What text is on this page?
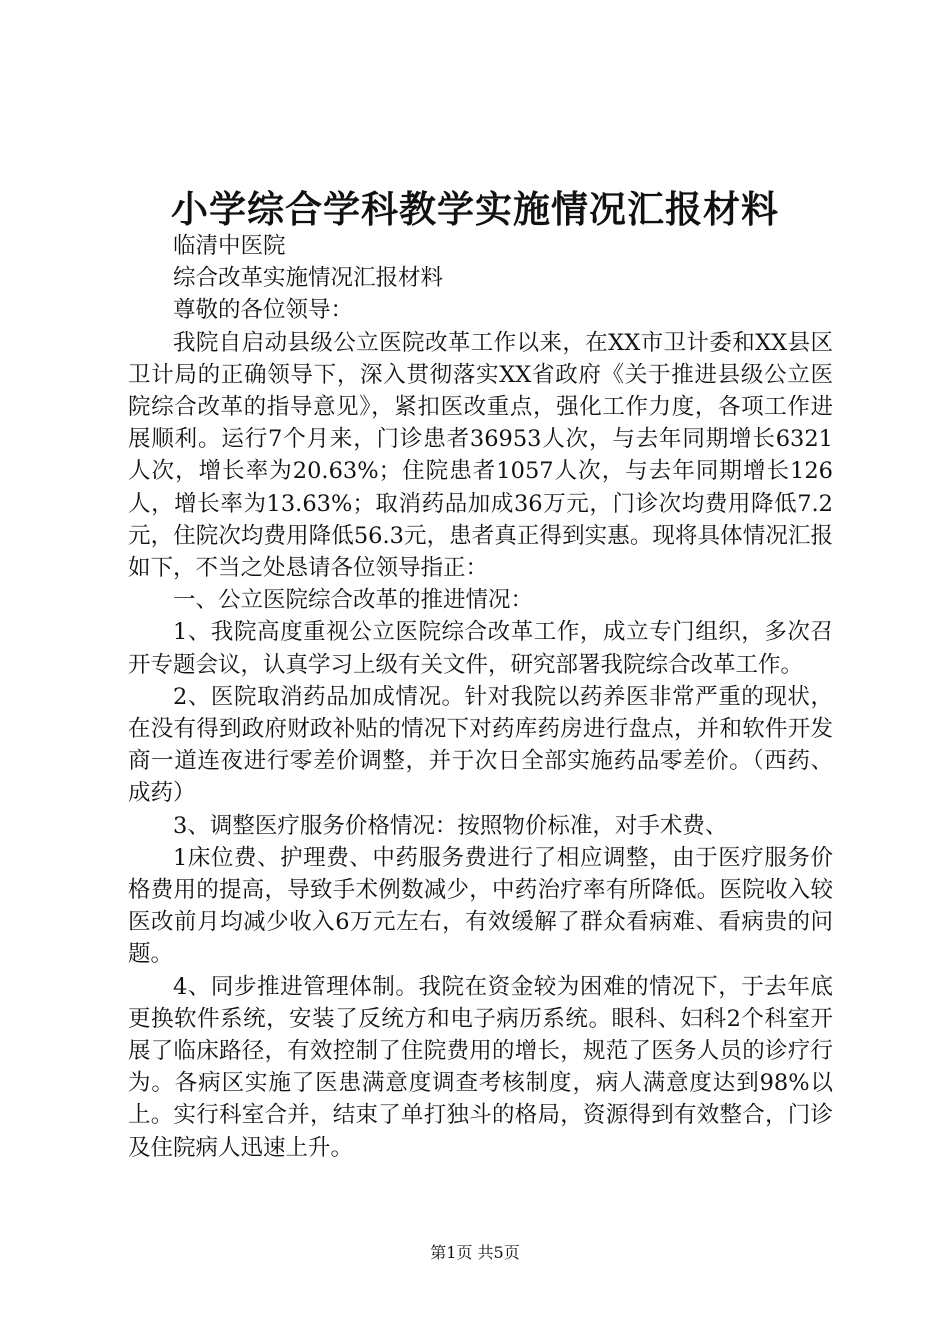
小学综合学科教学实施情况汇报材料

临清中医院

综合改革实施情况汇报材料

尊敬的各位领导：

我院自启动县级公立医院改革工作以来，在XX市卫计委和XX县区卫计局的正确领导下，深入贯彻落实XX省政府《关于推进县级公立医院综合改革的指导意见》，紧扣医改重点，强化工作力度，各项工作进展顺利。运行7个月来，门诊患者36953人次，与去年同期增长6321人次，增长率为20.63%；住院患者1057人次，与去年同期增长126人，增长率为13.63%；取消药品加成36万元，门诊次均费用降低7.2元，住院次均费用降低56.3元，患者真正得到实惠。现将具体情况汇报如下，不当之处恳请各位领导指正：

一、公立医院综合改革的推进情况：

1、我院高度重视公立医院综合改革工作，成立专门组织，多次召开专题会议，认真学习上级有关文件，研究部署我院综合改革工作。

2、医院取消药品加成情况。针对我院以药养医非常严重的现状，在没有得到政府财政补贴的情况下对药库药房进行盘点，并和软件开发商一道连夜进行零差价调整，并于次日全部实施药品零差价。（西药、成药）

3、调整医疗服务价格情况：按照物价标准，对手术费、

1床位费、护理费、中药服务费进行了相应调整，由于医疗服务价格费用的提高，导致手术例数减少，中药治疗率有所降低。医院收入较医改前月均减少收入6万元左右，有效缓解了群众看病难、看病贵的问题。

4、同步推进管理体制。我院在资金较为困难的情况下，于去年底更换软件系统，安装了反统方和电子病历系统。眼科、妇科2个科室开展了临床路径，有效控制了住院费用的增长，规范了医务人员的诊疗行为。各病区实施了医患满意度调查考核制度，病人满意度达到98%以上。实行科室合并，结束了单打独斗的格局，资源得到有效整合，门诊及住院病人迅速上升。

第1页 共5页
